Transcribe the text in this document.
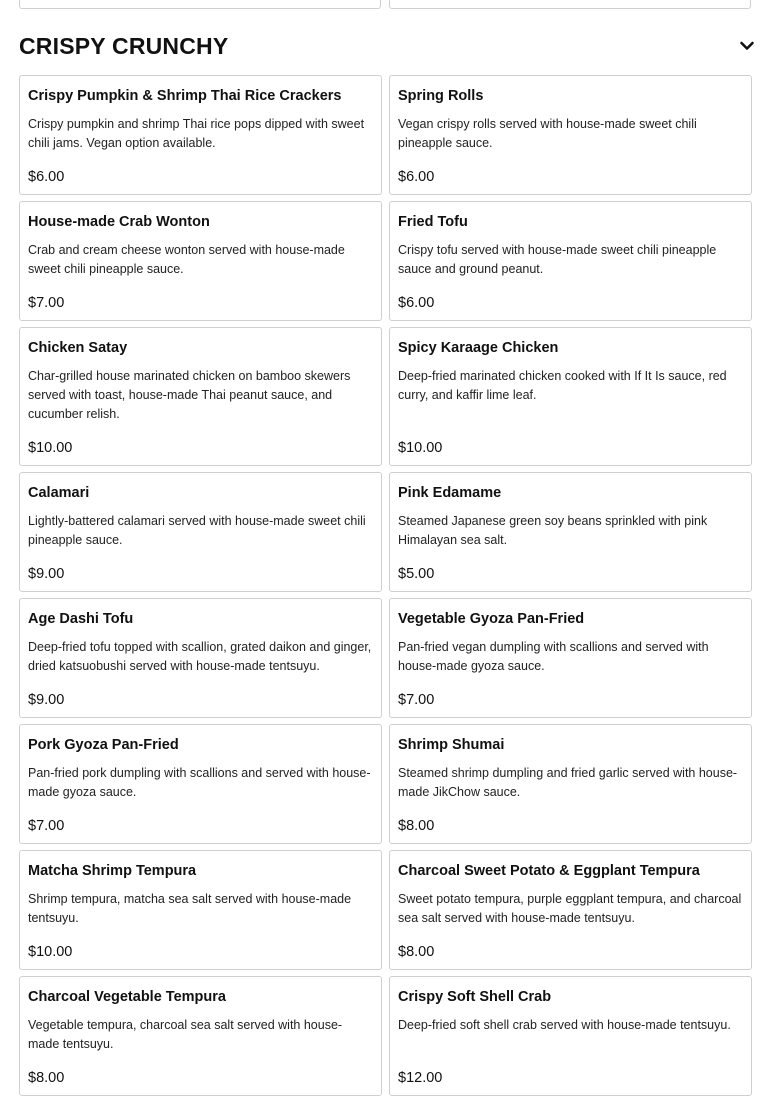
CRISPY CRUNCHY
Crispy Pumpkin & Shrimp Thai Rice Crackers
Crispy pumpkin and shrimp Thai rice pops dipped with sweet chili jams. Vegan option available.
$6.00
Spring Rolls
Vegan crispy rolls served with house-made sweet chili pineapple sauce.
$6.00
House-made Crab Wonton
Crab and cream cheese wonton served with house-made sweet chili pineapple sauce.
$7.00
Fried Tofu
Crispy tofu served with house-made sweet chili pineapple sauce and ground peanut.
$6.00
Chicken Satay
Char-grilled house marinated chicken on bamboo skewers served with toast, house-made Thai peanut sauce, and cucumber relish.
$10.00
Spicy Karaage Chicken
Deep-fried marinated chicken cooked with If It Is sauce, red curry, and kaffir lime leaf.
$10.00
Calamari
Lightly-battered calamari served with house-made sweet chili pineapple sauce.
$9.00
Pink Edamame
Steamed Japanese green soy beans sprinkled with pink Himalayan sea salt.
$5.00
Age Dashi Tofu
Deep-fried tofu topped with scallion, grated daikon and ginger, dried katsuobushi served with house-made tentsuyu.
$9.00
Vegetable Gyoza Pan-Fried
Pan-fried vegan dumpling with scallions and served with house-made gyoza sauce.
$7.00
Pork Gyoza Pan-Fried
Pan-fried pork dumpling with scallions and served with house-made gyoza sauce.
$7.00
Shrimp Shumai
Steamed shrimp dumpling and fried garlic served with house-made JikChow sauce.
$8.00
Matcha Shrimp Tempura
Shrimp tempura, matcha sea salt served with house-made tentsuyu.
$10.00
Charcoal Sweet Potato & Eggplant Tempura
Sweet potato tempura, purple eggplant tempura, and charcoal sea salt served with house-made tentsuyu.
$8.00
Charcoal Vegetable Tempura
Vegetable tempura, charcoal sea salt served with house-made tentsuyu.
$8.00
Crispy Soft Shell Crab
Deep-fried soft shell crab served with house-made tentsuyu.
$12.00
